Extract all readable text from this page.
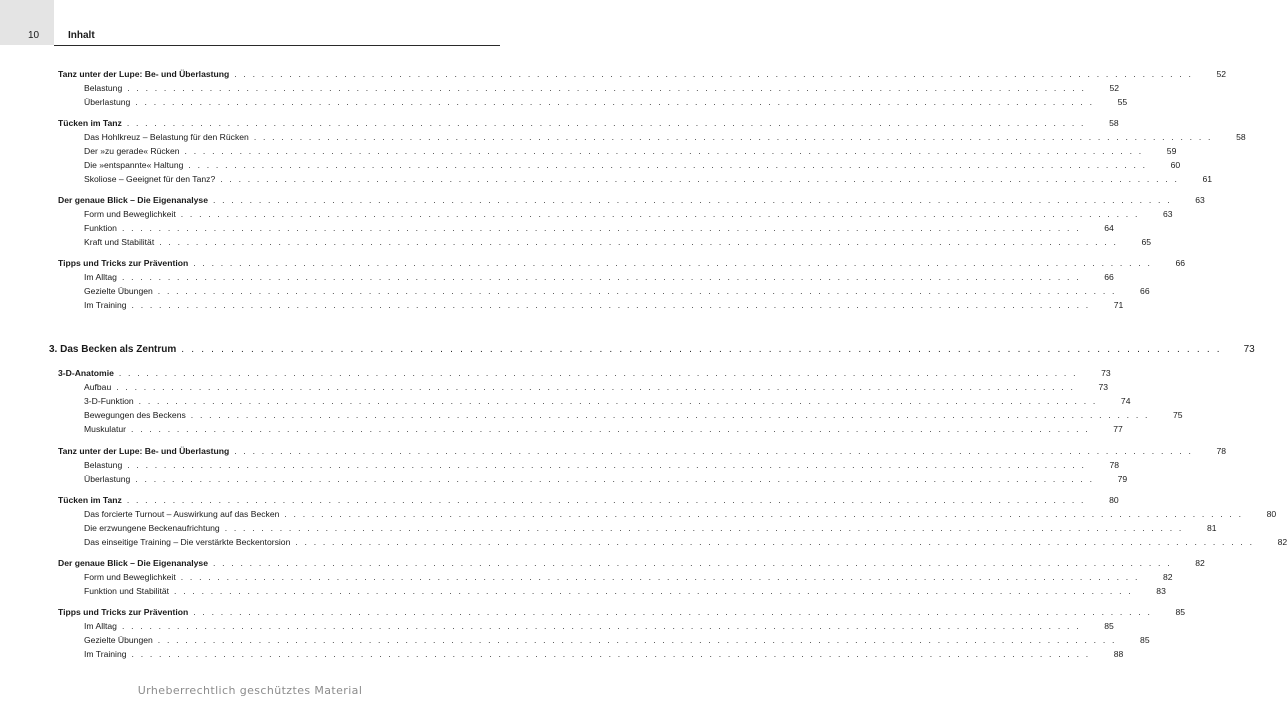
10	Inhalt
Tanz unter der Lupe: Be- und Überlastung . . . . . . . . . . . . . . . . . . . . . . . . . . . . . . . . . . . . . . . . . . . . . . . . . . . . . . . . . . . . . . . . . . . . . . . . . . . . . . . . . . . . . . . . . . . . . . . . . . . . . . . . .	52
Belastung . . . . . . . . . . . . . . . . . . . . . . . . . . . . . . . . . . . . . . . . . . . . . . . . . . . . . . . . . . . . . . . . . . . . . . . . . . . . . . . . . . . . . . . . . . . . . . . . . . . . . . . . .	52
Überlastung . . . . . . . . . . . . . . . . . . . . . . . . . . . . . . . . . . . . . . . . . . . . . . . . . . . . . . . . . . . . . . . . . . . . . . . . . . . . . . . . . . . . . . . . . . . . . . . . . . . . . . . . .	55
Tücken im Tanz . . . . . . . . . . . . . . . . . . . . . . . . . . . . . . . . . . . . . . . . . . . . . . . . . . . . . . . . . . . . . . . . . . . . . . . . . . . . . . . . . . . . . . . . . . . . . . . . . . . . . . . . .	58
Das Hohlkreuz – Belastung für den Rücken . . . . . . . . . . . . . . . . . . . . . . . . . . . . . . . . . . . . . . . . . . . . . . . . . . . . . . . . . . . . . . . . . . . . . . . . . . . . . . . . . . . . . . . . . . . . . . . . . . . . . . . . .	58
Der »zu gerade« Rücken . . . . . . . . . . . . . . . . . . . . . . . . . . . . . . . . . . . . . . . . . . . . . . . . . . . . . . . . . . . . . . . . . . . . . . . . . . . . . . . . . . . . . . . . . . . . . . . . . . . . . . . . .	59
Die »entspannte« Haltung . . . . . . . . . . . . . . . . . . . . . . . . . . . . . . . . . . . . . . . . . . . . . . . . . . . . . . . . . . . . . . . . . . . . . . . . . . . . . . . . . . . . . . . . . . . . . . . . . . . . . . . . .	60
Skoliose – Geeignet für den Tanz? . . . . . . . . . . . . . . . . . . . . . . . . . . . . . . . . . . . . . . . . . . . . . . . . . . . . . . . . . . . . . . . . . . . . . . . . . . . . . . . . . . . . . . . . . . . . . . . . . . . . . . . . .	61
Der genaue Blick – Die Eigenanalyse . . . . . . . . . . . . . . . . . . . . . . . . . . . . . . . . . . . . . . . . . . . . . . . . . . . . . . . . . . . . . . . . . . . . . . . . . . . . . . . . . . . . . . . . . . . . . . . . . . . . . . . . .	63
Form und Beweglichkeit . . . . . . . . . . . . . . . . . . . . . . . . . . . . . . . . . . . . . . . . . . . . . . . . . . . . . . . . . . . . . . . . . . . . . . . . . . . . . . . . . . . . . . . . . . . . . . . . . . . . . . . . .	63
Funktion . . . . . . . . . . . . . . . . . . . . . . . . . . . . . . . . . . . . . . . . . . . . . . . . . . . . . . . . . . . . . . . . . . . . . . . . . . . . . . . . . . . . . . . . . . . . . . . . . . . . . . . . .	64
Kraft und Stabilität . . . . . . . . . . . . . . . . . . . . . . . . . . . . . . . . . . . . . . . . . . . . . . . . . . . . . . . . . . . . . . . . . . . . . . . . . . . . . . . . . . . . . . . . . . . . . . . . . . . . . . . . .	65
Tipps und Tricks zur Prävention . . . . . . . . . . . . . . . . . . . . . . . . . . . . . . . . . . . . . . . . . . . . . . . . . . . . . . . . . . . . . . . . . . . . . . . . . . . . . . . . . . . . . . . . . . . . . . . . . . . . . . . . .	66
Im Alltag . . . . . . . . . . . . . . . . . . . . . . . . . . . . . . . . . . . . . . . . . . . . . . . . . . . . . . . . . . . . . . . . . . . . . . . . . . . . . . . . . . . . . . . . . . . . . . . . . . . . . . . . .	66
Gezielte Übungen . . . . . . . . . . . . . . . . . . . . . . . . . . . . . . . . . . . . . . . . . . . . . . . . . . . . . . . . . . . . . . . . . . . . . . . . . . . . . . . . . . . . . . . . . . . . . . . . . . . . . . . . .	66
Im Training . . . . . . . . . . . . . . . . . . . . . . . . . . . . . . . . . . . . . . . . . . . . . . . . . . . . . . . . . . . . . . . . . . . . . . . . . . . . . . . . . . . . . . . . . . . . . . . . . . . . . . . . .	71
3. Das Becken als Zentrum . . . . . . . . . . . . . . . . . . . . . . . . . . . . . . . . . . . . . . . . . . . . . . . . . . . . . . . . . . . . . . . . . . . . . . . . . . . . . . . . . . . . . . . . . . . . . . . . . . . . . . . . .	73
3-D-Anatomie . . . . . . . . . . . . . . . . . . . . . . . . . . . . . . . . . . . . . . . . . . . . . . . . . . . . . . . . . . . . . . . . . . . . . . . . . . . . . . . . . . . . . . . . . . . . . . . . . . . . . . . . .	73
Aufbau . . . . . . . . . . . . . . . . . . . . . . . . . . . . . . . . . . . . . . . . . . . . . . . . . . . . . . . . . . . . . . . . . . . . . . . . . . . . . . . . . . . . . . . . . . . . . . . . . . . . . . . . .	73
3-D-Funktion . . . . . . . . . . . . . . . . . . . . . . . . . . . . . . . . . . . . . . . . . . . . . . . . . . . . . . . . . . . . . . . . . . . . . . . . . . . . . . . . . . . . . . . . . . . . . . . . . . . . . . . . .	74
Bewegungen des Beckens . . . . . . . . . . . . . . . . . . . . . . . . . . . . . . . . . . . . . . . . . . . . . . . . . . . . . . . . . . . . . . . . . . . . . . . . . . . . . . . . . . . . . . . . . . . . . . . . . . . . . . . . .	75
Muskulatur . . . . . . . . . . . . . . . . . . . . . . . . . . . . . . . . . . . . . . . . . . . . . . . . . . . . . . . . . . . . . . . . . . . . . . . . . . . . . . . . . . . . . . . . . . . . . . . . . . . . . . . . .	77
Tanz unter der Lupe: Be- und Überlastung . . . . . . . . . . . . . . . . . . . . . . . . . . . . . . . . . . . . . . . . . . . . . . . . . . . . . . . . . . . . . . . . . . . . . . . . . . . . . . . . . . . . . . . . . . . . . . . . . . . . . . . . .	78
Belastung . . . . . . . . . . . . . . . . . . . . . . . . . . . . . . . . . . . . . . . . . . . . . . . . . . . . . . . . . . . . . . . . . . . . . . . . . . . . . . . . . . . . . . . . . . . . . . . . . . . . . . . . .	78
Überlastung . . . . . . . . . . . . . . . . . . . . . . . . . . . . . . . . . . . . . . . . . . . . . . . . . . . . . . . . . . . . . . . . . . . . . . . . . . . . . . . . . . . . . . . . . . . . . . . . . . . . . . . . .	79
Tücken im Tanz . . . . . . . . . . . . . . . . . . . . . . . . . . . . . . . . . . . . . . . . . . . . . . . . . . . . . . . . . . . . . . . . . . . . . . . . . . . . . . . . . . . . . . . . . . . . . . . . . . . . . . . . .	80
Das forcierte Turnout – Auswirkung auf das Becken . . . . . . . . . . . . . . . . . . . . . . . . . . . . . . . . . . . . . . . . . . . . . . . . . . . . . . . . . . . . . . . . . . . . . . . . . . . . . . . . . . . . . . . . . . . . . . . . . . . . . . . . .	80
Die erzwungene Beckenaufrichtung . . . . . . . . . . . . . . . . . . . . . . . . . . . . . . . . . . . . . . . . . . . . . . . . . . . . . . . . . . . . . . . . . . . . . . . . . . . . . . . . . . . . . . . . . . . . . . . . . . . . . . . . .	81
Das einseitige Training – Die verstärkte Beckentorsion . . . . . . . . . . . . . . . . . . . . . . . . . . . . . . . . . . . . . . . . . . . . . . . . . . . . . . . . . . . . . . . . . . . . . . . . . . . . . . . . . . . . . . . . . . . . . . . . . . . . . . . . .	82
Der genaue Blick – Die Eigenanalyse . . . . . . . . . . . . . . . . . . . . . . . . . . . . . . . . . . . . . . . . . . . . . . . . . . . . . . . . . . . . . . . . . . . . . . . . . . . . . . . . . . . . . . . . . . . . . . . . . . . . . . . . .	82
Form und Beweglichkeit . . . . . . . . . . . . . . . . . . . . . . . . . . . . . . . . . . . . . . . . . . . . . . . . . . . . . . . . . . . . . . . . . . . . . . . . . . . . . . . . . . . . . . . . . . . . . . . . . . . . . . . . .	82
Funktion und Stabilität . . . . . . . . . . . . . . . . . . . . . . . . . . . . . . . . . . . . . . . . . . . . . . . . . . . . . . . . . . . . . . . . . . . . . . . . . . . . . . . . . . . . . . . . . . . . . . . . . . . . . . . . .	83
Tipps und Tricks zur Prävention . . . . . . . . . . . . . . . . . . . . . . . . . . . . . . . . . . . . . . . . . . . . . . . . . . . . . . . . . . . . . . . . . . . . . . . . . . . . . . . . . . . . . . . . . . . . . . . . . . . . . . . . .	85
Im Alltag . . . . . . . . . . . . . . . . . . . . . . . . . . . . . . . . . . . . . . . . . . . . . . . . . . . . . . . . . . . . . . . . . . . . . . . . . . . . . . . . . . . . . . . . . . . . . . . . . . . . . . . . .	85
Gezielte Übungen . . . . . . . . . . . . . . . . . . . . . . . . . . . . . . . . . . . . . . . . . . . . . . . . . . . . . . . . . . . . . . . . . . . . . . . . . . . . . . . . . . . . . . . . . . . . . . . . . . . . . . . . .	85
Im Training . . . . . . . . . . . . . . . . . . . . . . . . . . . . . . . . . . . . . . . . . . . . . . . . . . . . . . . . . . . . . . . . . . . . . . . . . . . . . . . . . . . . . . . . . . . . . . . . . . . . . . . . .	88
Urheberrechtlich geschütztes Material
